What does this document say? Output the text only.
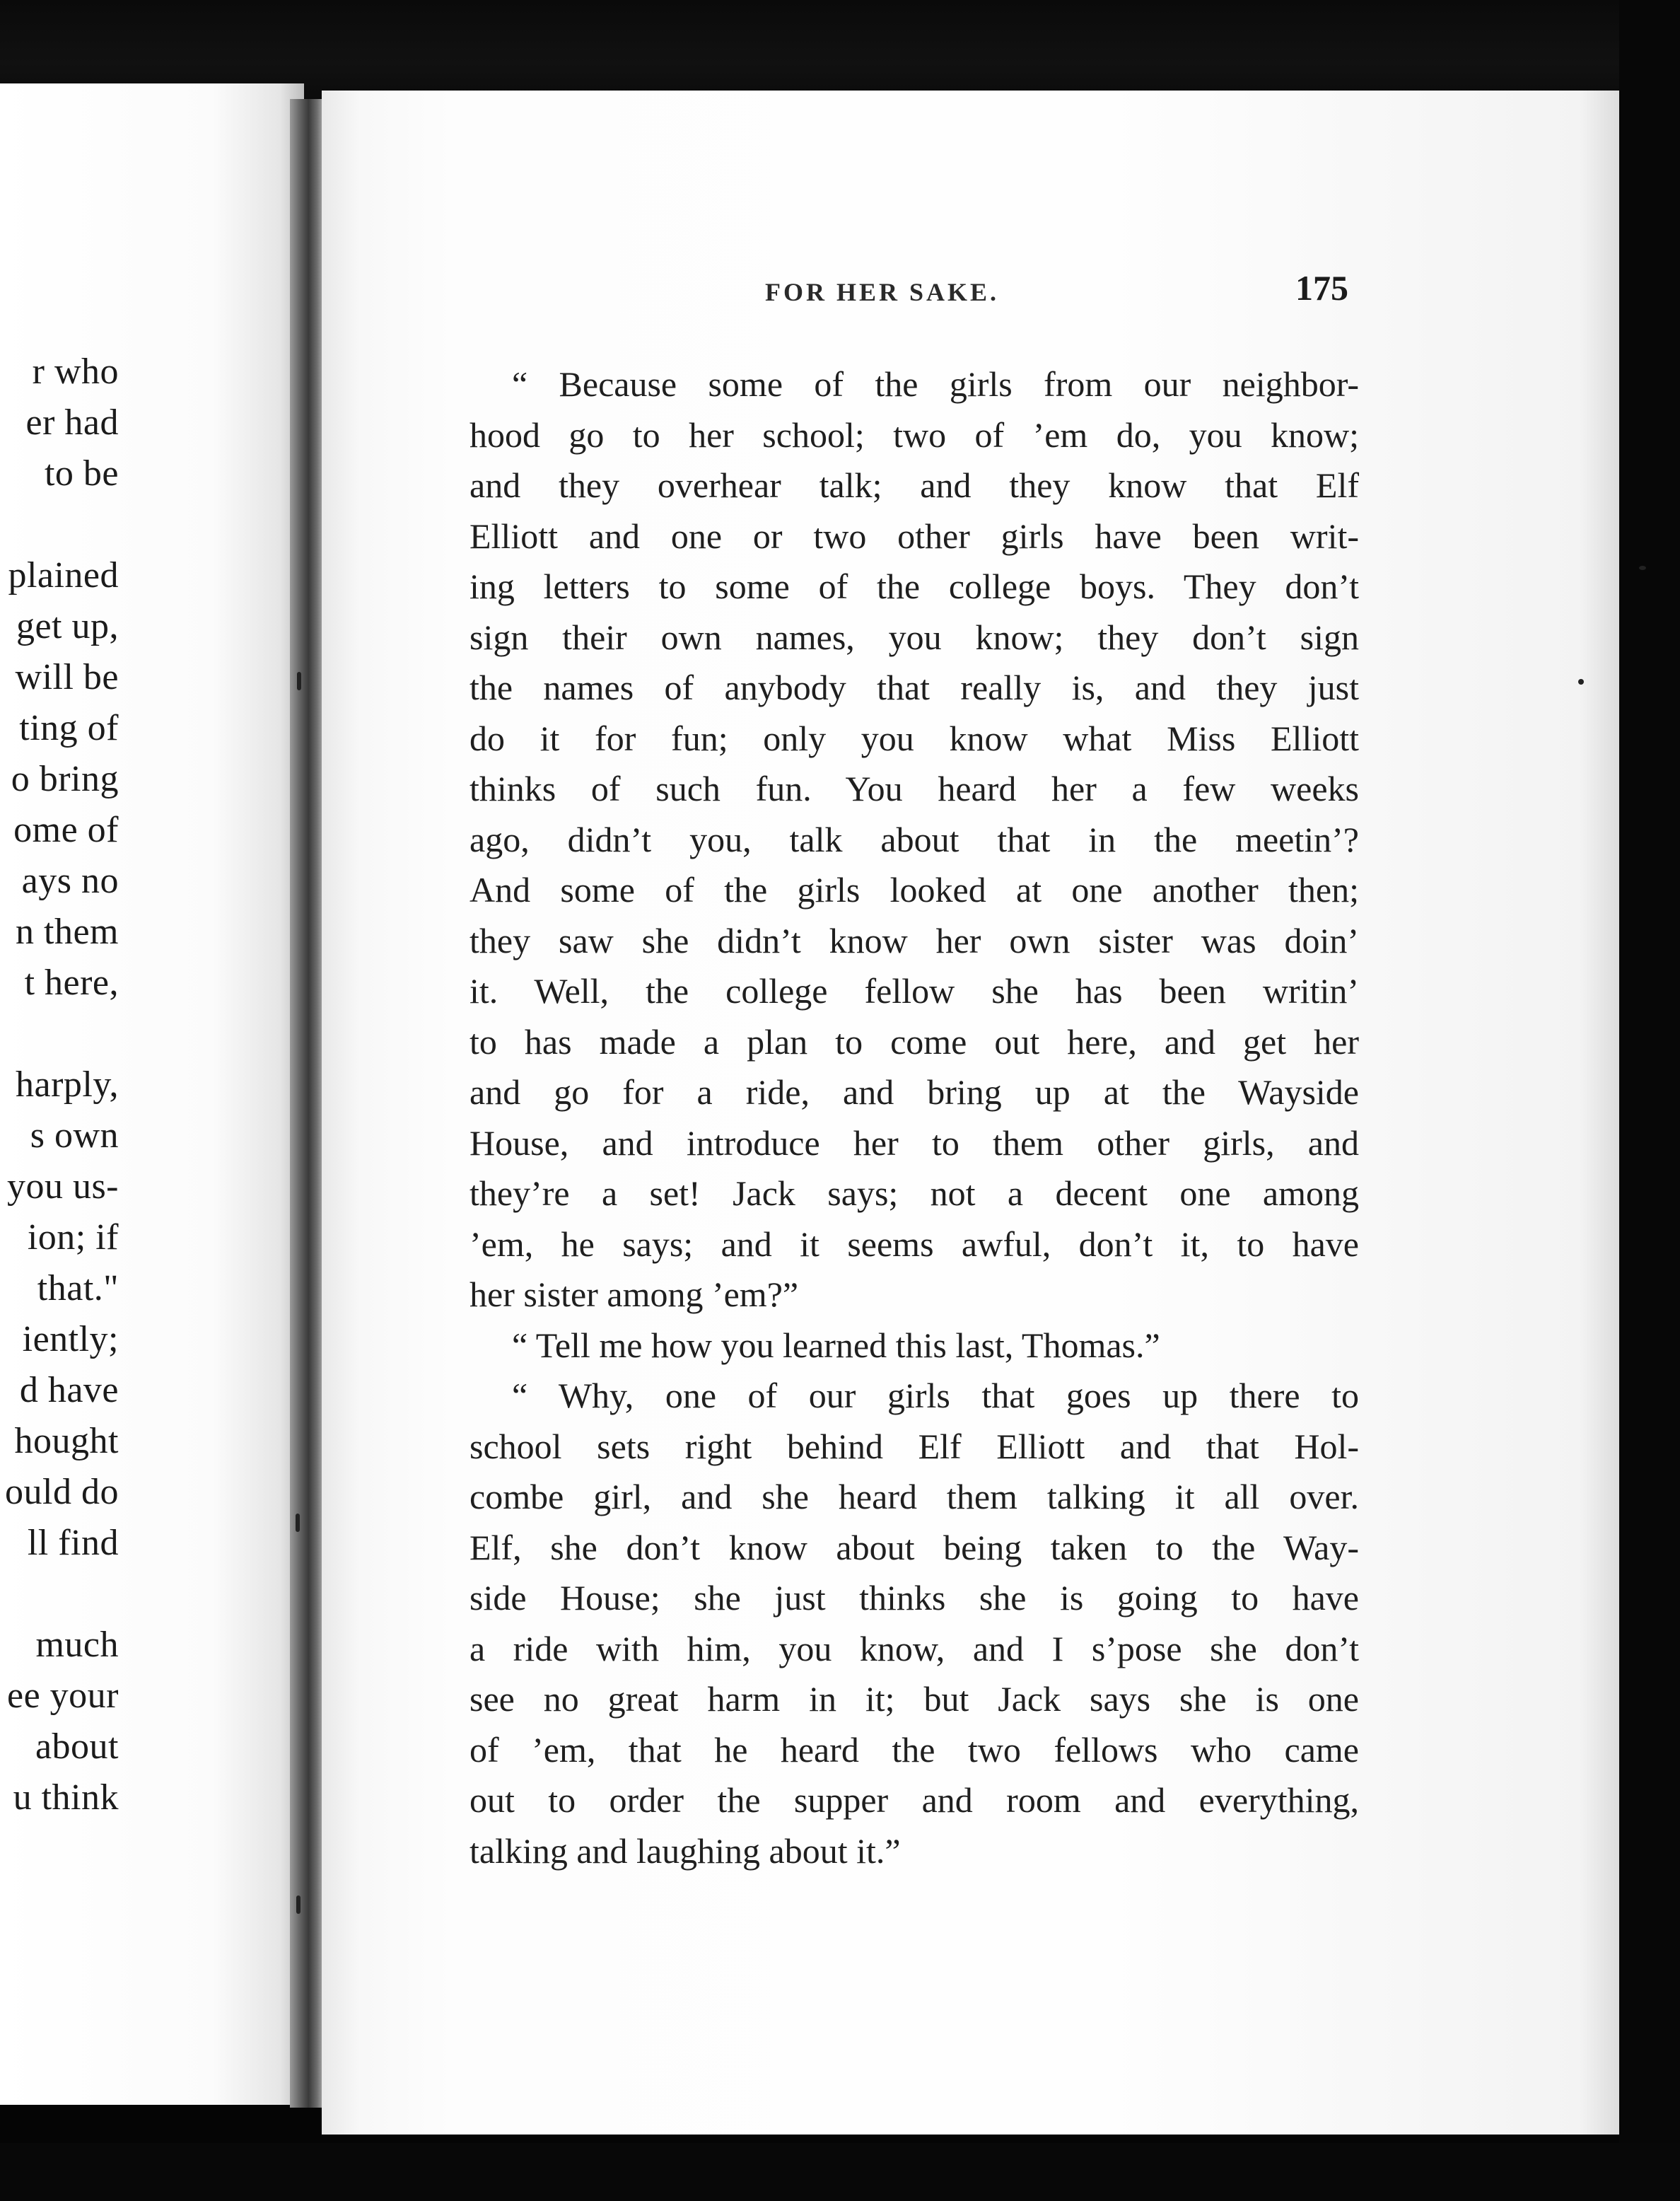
r who
er had
to be
plained
get up,
will be
ting of
o bring
ome of
ays no
n them
t here,
harply,
s own
you us-
ion; if
that."
iently;
d have
hought
ould do
ll find
much
ee your
about
u think
FOR HER SAKE.	175
“ Because some of the girls from our neighbor-
hood go to her school; two of ’em do, you know;
and they overhear talk; and they know that Elf
Elliott and one or two other girls have been writ-
ing letters to some of the college boys. They don’t
sign their own names, you know; they don’t sign
the names of anybody that really is, and they just
do it for fun; only you know what Miss Elliott
thinks of such fun. You heard her a few weeks
ago, didn’t you, talk about that in the meetin’?
And some of the girls looked at one another then;
they saw she didn’t know her own sister was doin’
it. Well, the college fellow she has been writin’
to has made a plan to come out here, and get her
and go for a ride, and bring up at the Wayside
House, and introduce her to them other girls, and
they’re a set! Jack says; not a decent one among
’em, he says; and it seems awful, don’t it, to have
her sister among ’em?”
“ Tell me how you learned this last, Thomas.”
“ Why, one of our girls that goes up there to
school sets right behind Elf Elliott and that Hol-
combe girl, and she heard them talking it all over.
Elf, she don’t know about being taken to the Way-
side House; she just thinks she is going to have
a ride with him, you know, and I s’pose she don’t
see no great harm in it; but Jack says she is one
of ’em, that he heard the two fellows who came
out to order the supper and room and everything,
talking and laughing about it.”
